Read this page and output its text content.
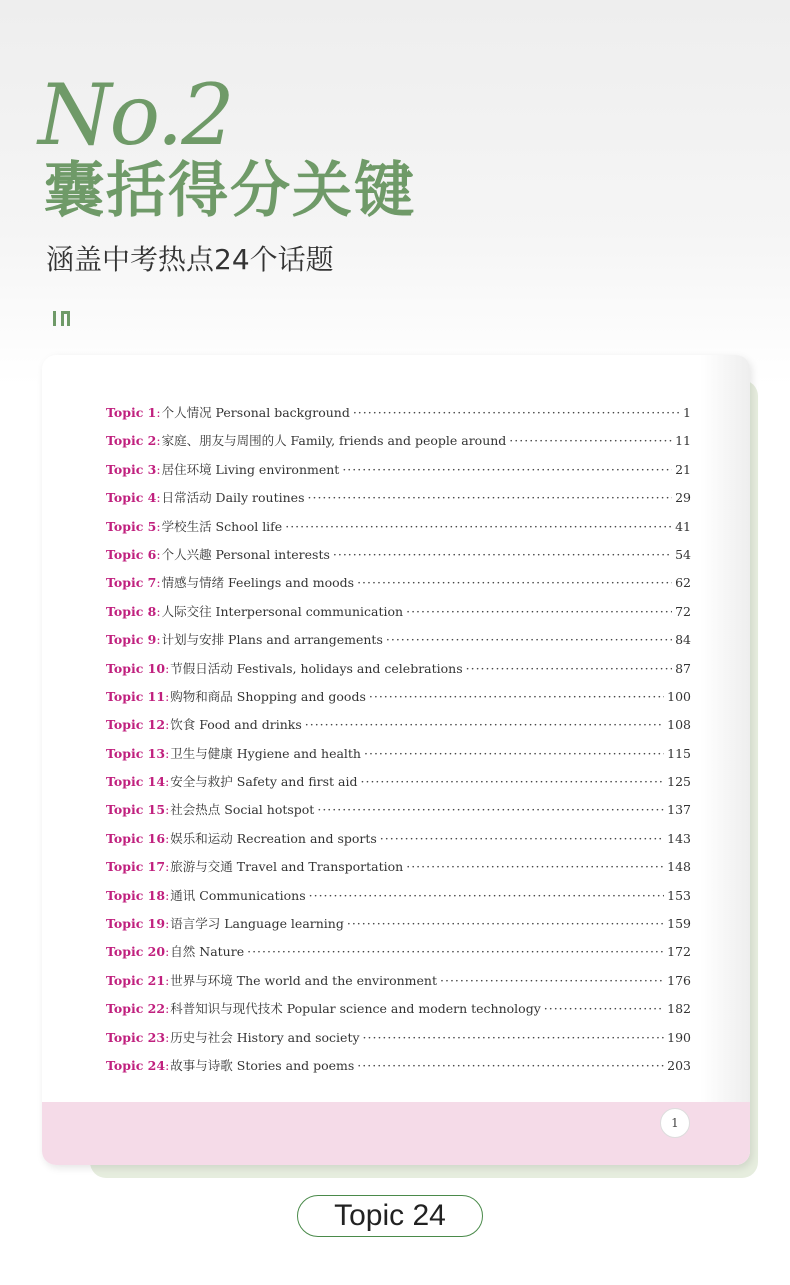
No.2
囊括得分关键
涵盖中考热点24个话题
Topic 1 : 个人情况 Personal background ·····	1
Topic 2 : 家庭、朋友与周围的人 Family, friends and people around ·····	11
Topic 3 : 居住环境 Living environment ·····	21
Topic 4 : 日常活动 Daily routines ·····	29
Topic 5 : 学校生活 School life ·····	41
Topic 6 : 个人兴趣 Personal interests ·····	54
Topic 7 : 情感与情绪 Feelings and moods ·····	62
Topic 8 : 人际交往 Interpersonal communication ·····	72
Topic 9 : 计划与安排 Plans and arrangements ·····	84
Topic 10 : 节假日活动 Festivals, holidays and celebrations ·····	87
Topic 11 : 购物和商品 Shopping and goods ·····	100
Topic 12 : 饮食 Food and drinks ·····	108
Topic 13 : 卫生与健康 Hygiene and health ·····	115
Topic 14 : 安全与救护 Safety and first aid ·····	125
Topic 15 : 社会热点 Social hotspot ·····	137
Topic 16 : 娱乐和运动 Recreation and sports ·····	143
Topic 17 : 旅游与交通 Travel and Transportation ·····	148
Topic 18 : 通讯 Communications ·····	153
Topic 19 : 语言学习 Language learning ·····	159
Topic 20 : 自然 Nature ·····	172
Topic 21 : 世界与环境 The world and the environment ·····	176
Topic 22 : 科普知识与现代技术 Popular science and modern technology ·····	182
Topic 23 : 历史与社会 History and society ·····	190
Topic 24 : 故事与诗歌 Stories and poems ·····	203
1
Topic 24
